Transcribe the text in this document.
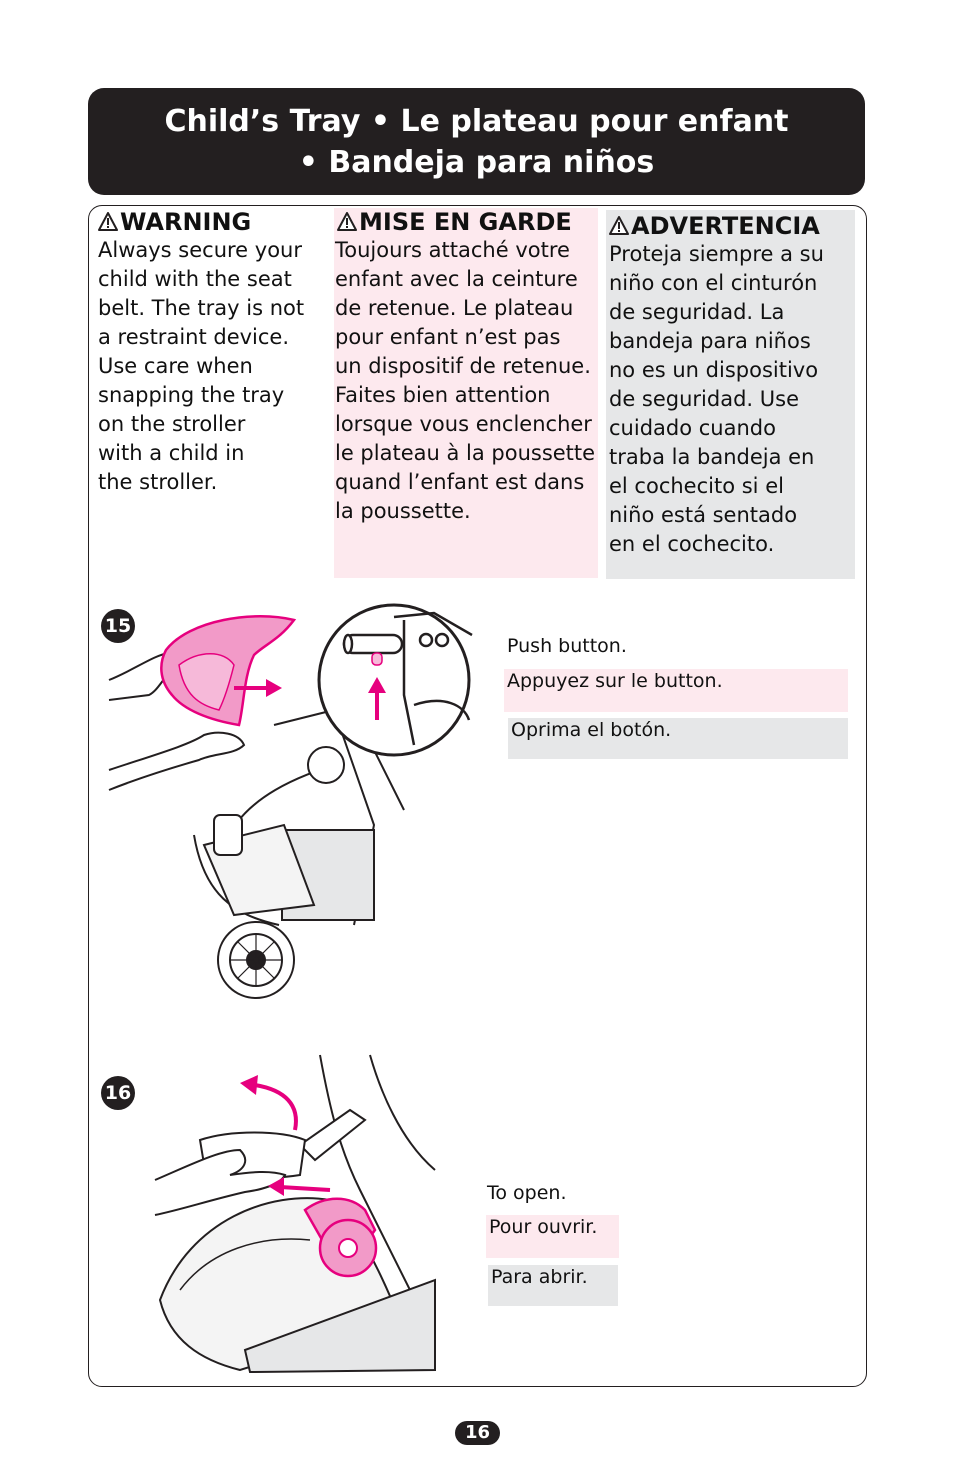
Child’s Tray • Le plateau pour enfant
• Bandeja para niños
WARNING
Always secure your
child with the seat
belt. The tray is not
a restraint device.
Use care when
snapping the tray
on the stroller
with a child in
the stroller.
MISE EN GARDE
Toujours attaché votre
enfant avec la ceinture
de retenue. Le plateau
pour enfant n’est pas
un dispositif de retenue.
Faites bien attention
lorsque vous enclencher
le plateau à la poussette
quand l’enfant est dans
la poussette.
ADVERTENCIA
Proteja siempre a su
niño con el cinturón
de seguridad. La
bandeja para niños
no es un dispositivo
de seguridad. Use
cuidado cuando
traba la bandeja en
el cochecito si el
niño está sentado
en el cochecito.
15
Push button.
Appuyez sur le button.
Oprima el botón.
16
To open.
Pour ouvrir.
Para abrir.
16
